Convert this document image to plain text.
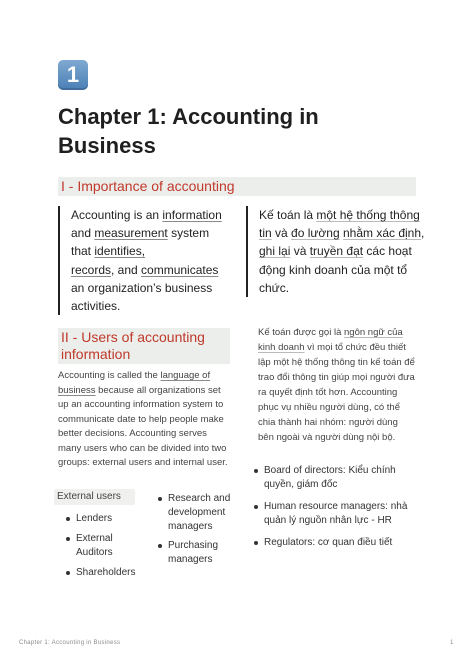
1
Chapter 1: Accounting in Business
I - Importance of accounting
Accounting is an information and measurement system that identifies,
records, and communicates an organization’s business activities.
Kế toán là một hệ thống thông tin và đo lường nhằm xác định,
ghi lại và truyền đạt các hoạt động kinh doanh của một tổ chức.
II - Users of accounting information
Accounting is called the language of business because all organizations set up an accounting information system to communicate date to help people make better decisions. Accounting serves many users who can be divided into two groups: external users and internal user.
Kế toán được gọi là ngôn ngữ của kinh doanh vì mọi tổ chức đều thiết lập một hệ thống thông tin kế toán để trao đổi thông tin giúp mọi người đưa ra quyết định tốt hơn. Accounting phục vụ nhiều người dùng, có thể chia thành hai nhóm: người dùng bên ngoài và người dùng nội bộ.
External users
Lenders
External Auditors
Shareholders
Research and development managers
Purchasing managers
Board of directors: Kiểu chính quyền, giám đốc
Human resource managers: nhà quản lý nguồn nhân lực - HR
Regulators: cơ quan điều tiết
Chapter 1: Accounting in Business	1
